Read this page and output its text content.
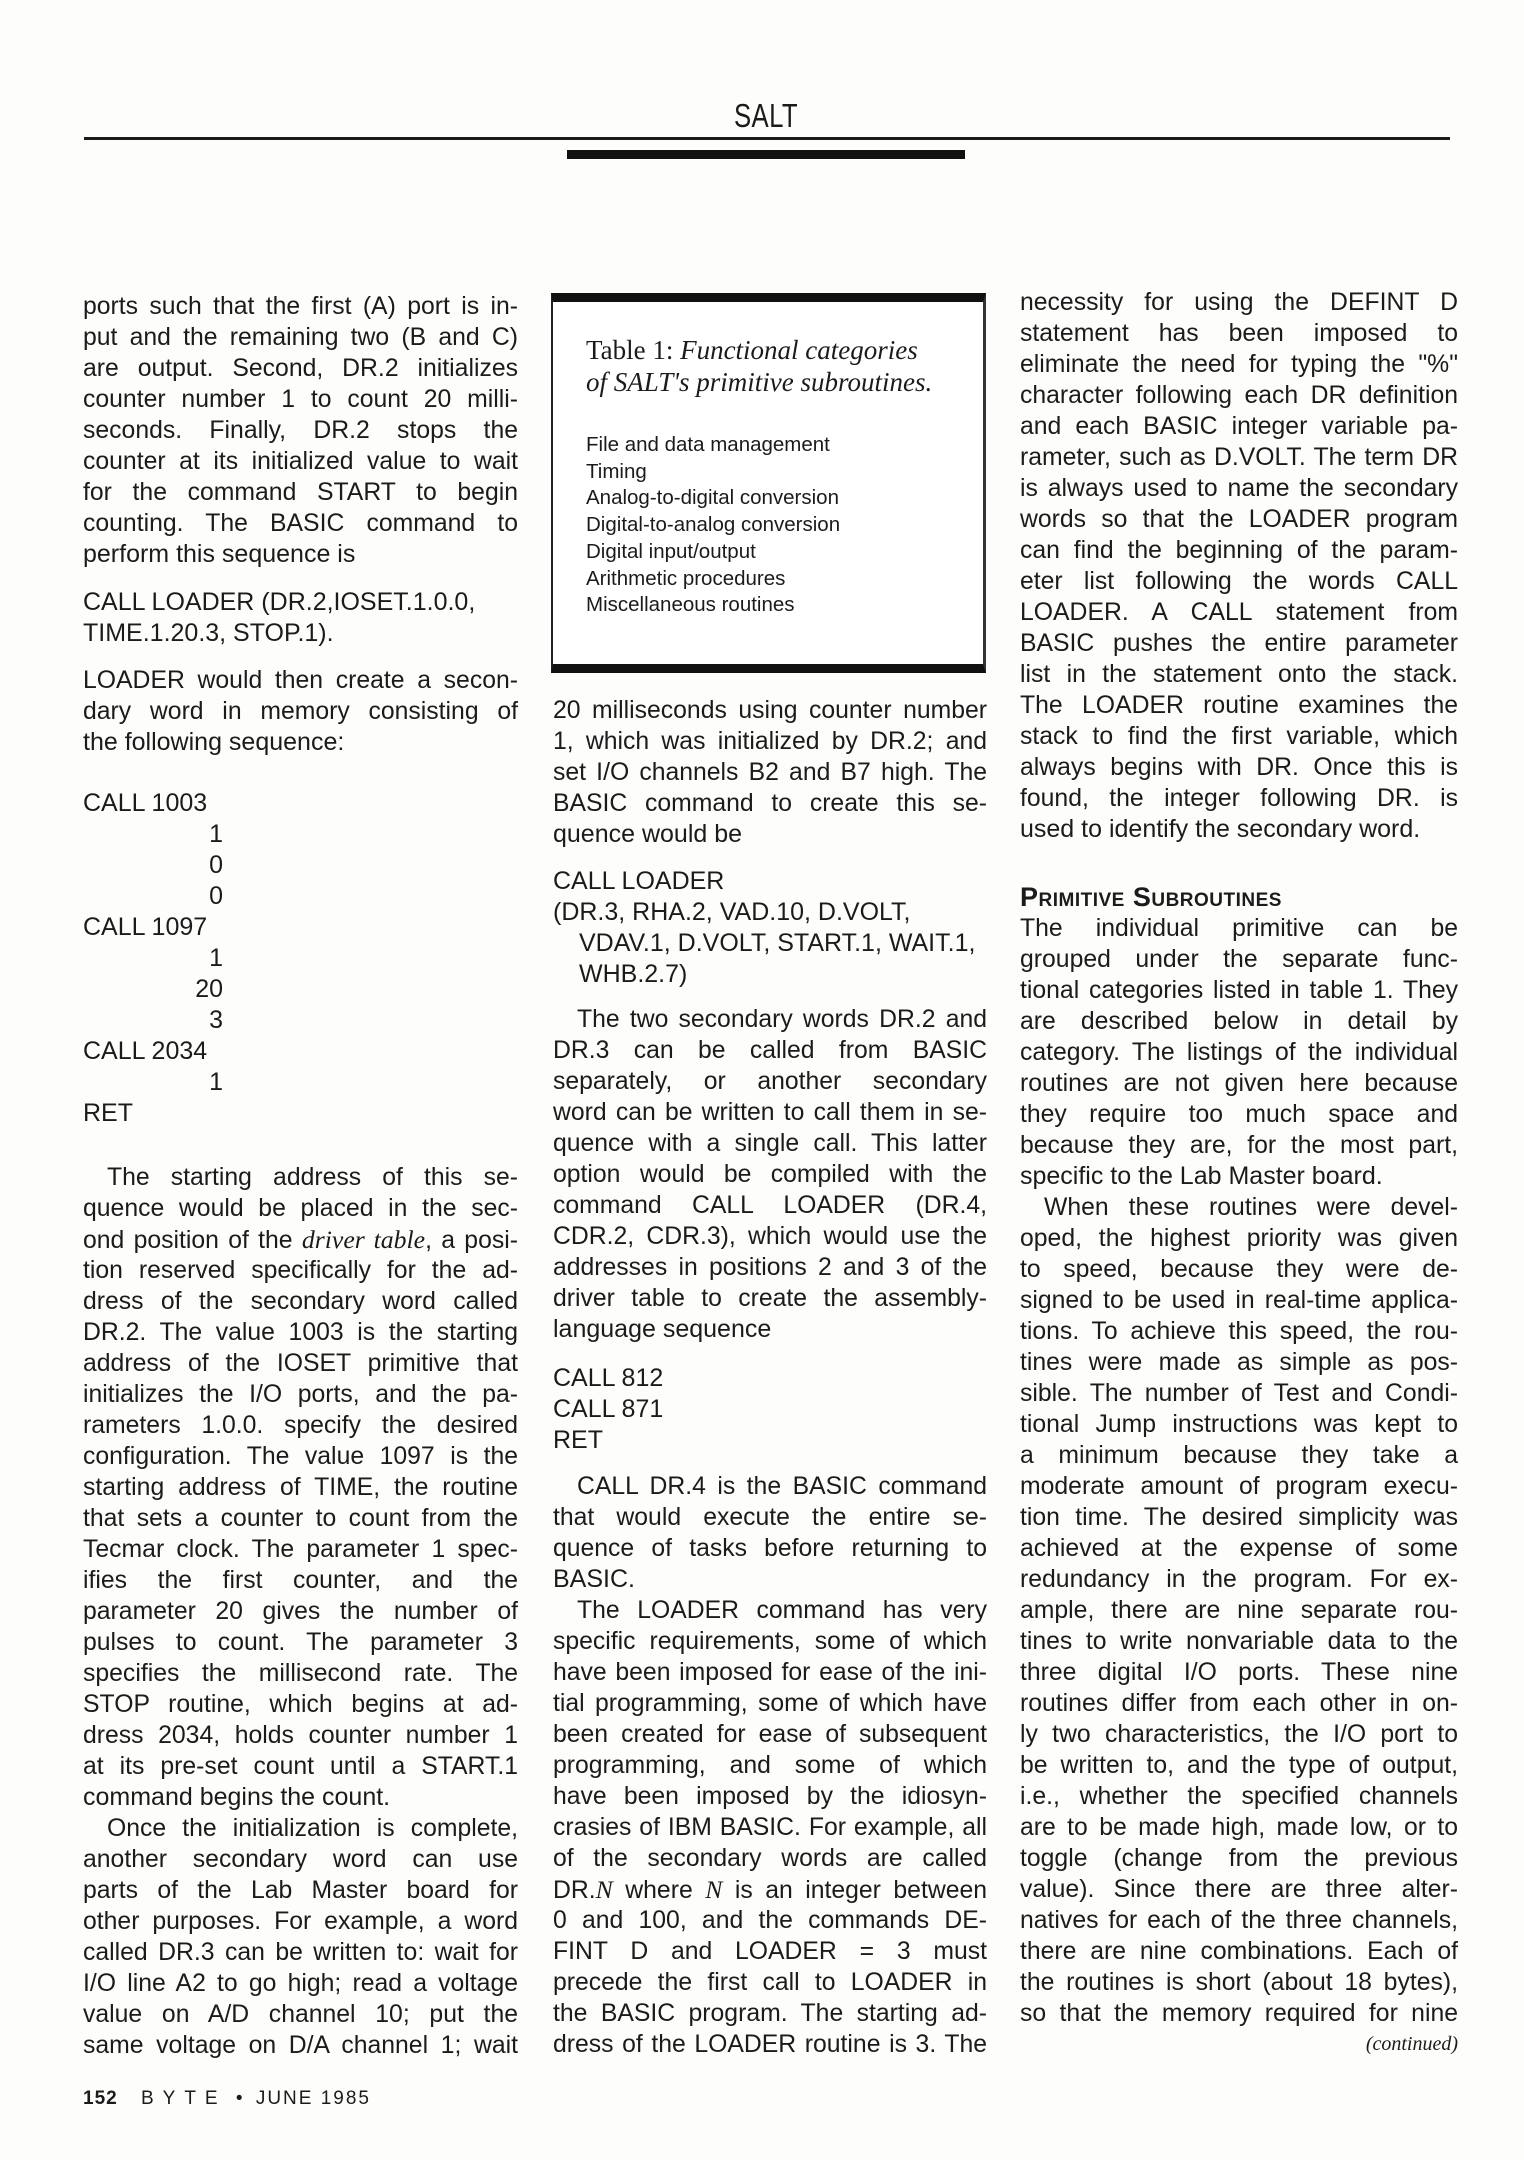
SALT
Table 1: Functional categories
of SALT's primitive subroutines.
File and data management
Timing
Analog-to-digital conversion
Digital-to-analog conversion
Digital input/output
Arithmetic procedures
Miscellaneous routines
ports such that the first (A) port is in-
put and the remaining two (B and C)
are output. Second, DR.2 initializes
counter number 1 to count 20 milli-
seconds. Finally, DR.2 stops the
counter at its initialized value to wait
for the command START to begin
counting. The BASIC command to
perform this sequence is
CALL LOADER (DR.2,IOSET.1.0.0,
TIME.1.20.3, STOP.1).
LOADER would then create a secon-
dary word in memory consisting of
the following sequence:
CALL 1003
1
0
0
CALL 1097
1
20
3
CALL 2034
1
RET
The starting address of this se-
quence would be placed in the sec-
ond position of the driver table, a posi-
tion reserved specifically for the ad-
dress of the secondary word called
DR.2. The value 1003 is the starting
address of the IOSET primitive that
initializes the I/O ports, and the pa-
rameters 1.0.0. specify the desired
configuration. The value 1097 is the
starting address of TIME, the routine
that sets a counter to count from the
Tecmar clock. The parameter 1 spec-
ifies the first counter, and the
parameter 20 gives the number of
pulses to count. The parameter 3
specifies the millisecond rate. The
STOP routine, which begins at ad-
dress 2034, holds counter number 1
at its pre-set count until a START.1
command begins the count.
Once the initialization is complete,
another secondary word can use
parts of the Lab Master board for
other purposes. For example, a word
called DR.3 can be written to: wait for
I/O line A2 to go high; read a voltage
value on A/D channel 10; put the
same voltage on D/A channel 1; wait
20 milliseconds using counter number
1, which was initialized by DR.2; and
set I/O channels B2 and B7 high. The
BASIC command to create this se-
quence would be
CALL LOADER
(DR.3, RHA.2, VAD.10, D.VOLT,
VDAV.1, D.VOLT, START.1, WAIT.1,
WHB.2.7)
The two secondary words DR.2 and
DR.3 can be called from BASIC
separately, or another secondary
word can be written to call them in se-
quence with a single call. This latter
option would be compiled with the
command CALL LOADER (DR.4,
CDR.2, CDR.3), which would use the
addresses in positions 2 and 3 of the
driver table to create the assembly-
language sequence
CALL 812
CALL 871
RET
CALL DR.4 is the BASIC command
that would execute the entire se-
quence of tasks before returning to
BASIC.
The LOADER command has very
specific requirements, some of which
have been imposed for ease of the ini-
tial programming, some of which have
been created for ease of subsequent
programming, and some of which
have been imposed by the idiosyn-
crasies of IBM BASIC. For example, all
of the secondary words are called
DR.N where N is an integer between
0 and 100, and the commands DE-
FINT D and LOADER = 3 must
precede the first call to LOADER in
the BASIC program. The starting ad-
dress of the LOADER routine is 3. The
necessity for using the DEFINT D
statement has been imposed to
eliminate the need for typing the "%"
character following each DR definition
and each BASIC integer variable pa-
rameter, such as D.VOLT. The term DR
is always used to name the secondary
words so that the LOADER program
can find the beginning of the param-
eter list following the words CALL
LOADER. A CALL statement from
BASIC pushes the entire parameter
list in the statement onto the stack.
The LOADER routine examines the
stack to find the first variable, which
always begins with DR. Once this is
found, the integer following DR. is
used to identify the secondary word.
Primitive Subroutines
The individual primitive can be
grouped under the separate func-
tional categories listed in table 1. They
are described below in detail by
category. The listings of the individual
routines are not given here because
they require too much space and
because they are, for the most part,
specific to the Lab Master board.
When these routines were devel-
oped, the highest priority was given
to speed, because they were de-
signed to be used in real-time applica-
tions. To achieve this speed, the rou-
tines were made as simple as pos-
sible. The number of Test and Condi-
tional Jump instructions was kept to
a minimum because they take a
moderate amount of program execu-
tion time. The desired simplicity was
achieved at the expense of some
redundancy in the program. For ex-
ample, there are nine separate rou-
tines to write nonvariable data to the
three digital I/O ports. These nine
routines differ from each other in on-
ly two characteristics, the I/O port to
be written to, and the type of output,
i.e., whether the specified channels
are to be made high, made low, or to
toggle (change from the previous
value). Since there are three alter-
natives for each of the three channels,
there are nine combinations. Each of
the routines is short (about 18 bytes),
so that the memory required for nine
(continued)
152 BYTE • JUNE 1985
